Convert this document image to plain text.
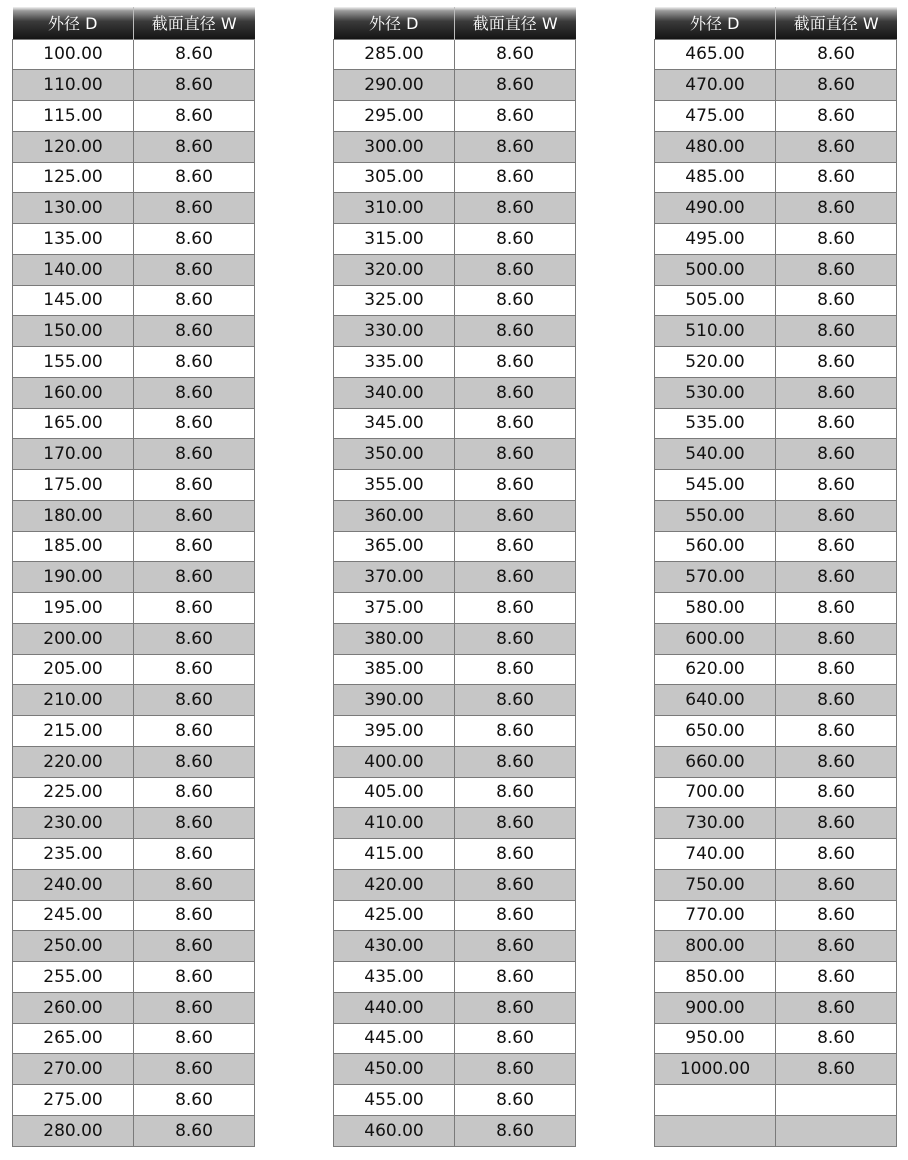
外径 D	截面直径 W
100.00	8.60
110.00	8.60
115.00	8.60
120.00	8.60
125.00	8.60
130.00	8.60
135.00	8.60
140.00	8.60
145.00	8.60
150.00	8.60
155.00	8.60
160.00	8.60
165.00	8.60
170.00	8.60
175.00	8.60
180.00	8.60
185.00	8.60
190.00	8.60
195.00	8.60
200.00	8.60
205.00	8.60
210.00	8.60
215.00	8.60
220.00	8.60
225.00	8.60
230.00	8.60
235.00	8.60
240.00	8.60
245.00	8.60
250.00	8.60
255.00	8.60
260.00	8.60
265.00	8.60
270.00	8.60
275.00	8.60
280.00	8.60
外径 D	截面直径 W
285.00	8.60
290.00	8.60
295.00	8.60
300.00	8.60
305.00	8.60
310.00	8.60
315.00	8.60
320.00	8.60
325.00	8.60
330.00	8.60
335.00	8.60
340.00	8.60
345.00	8.60
350.00	8.60
355.00	8.60
360.00	8.60
365.00	8.60
370.00	8.60
375.00	8.60
380.00	8.60
385.00	8.60
390.00	8.60
395.00	8.60
400.00	8.60
405.00	8.60
410.00	8.60
415.00	8.60
420.00	8.60
425.00	8.60
430.00	8.60
435.00	8.60
440.00	8.60
445.00	8.60
450.00	8.60
455.00	8.60
460.00	8.60
外径 D	截面直径 W
465.00	8.60
470.00	8.60
475.00	8.60
480.00	8.60
485.00	8.60
490.00	8.60
495.00	8.60
500.00	8.60
505.00	8.60
510.00	8.60
520.00	8.60
530.00	8.60
535.00	8.60
540.00	8.60
545.00	8.60
550.00	8.60
560.00	8.60
570.00	8.60
580.00	8.60
600.00	8.60
620.00	8.60
640.00	8.60
650.00	8.60
660.00	8.60
700.00	8.60
730.00	8.60
740.00	8.60
750.00	8.60
770.00	8.60
800.00	8.60
850.00	8.60
900.00	8.60
950.00	8.60
1000.00	8.60
